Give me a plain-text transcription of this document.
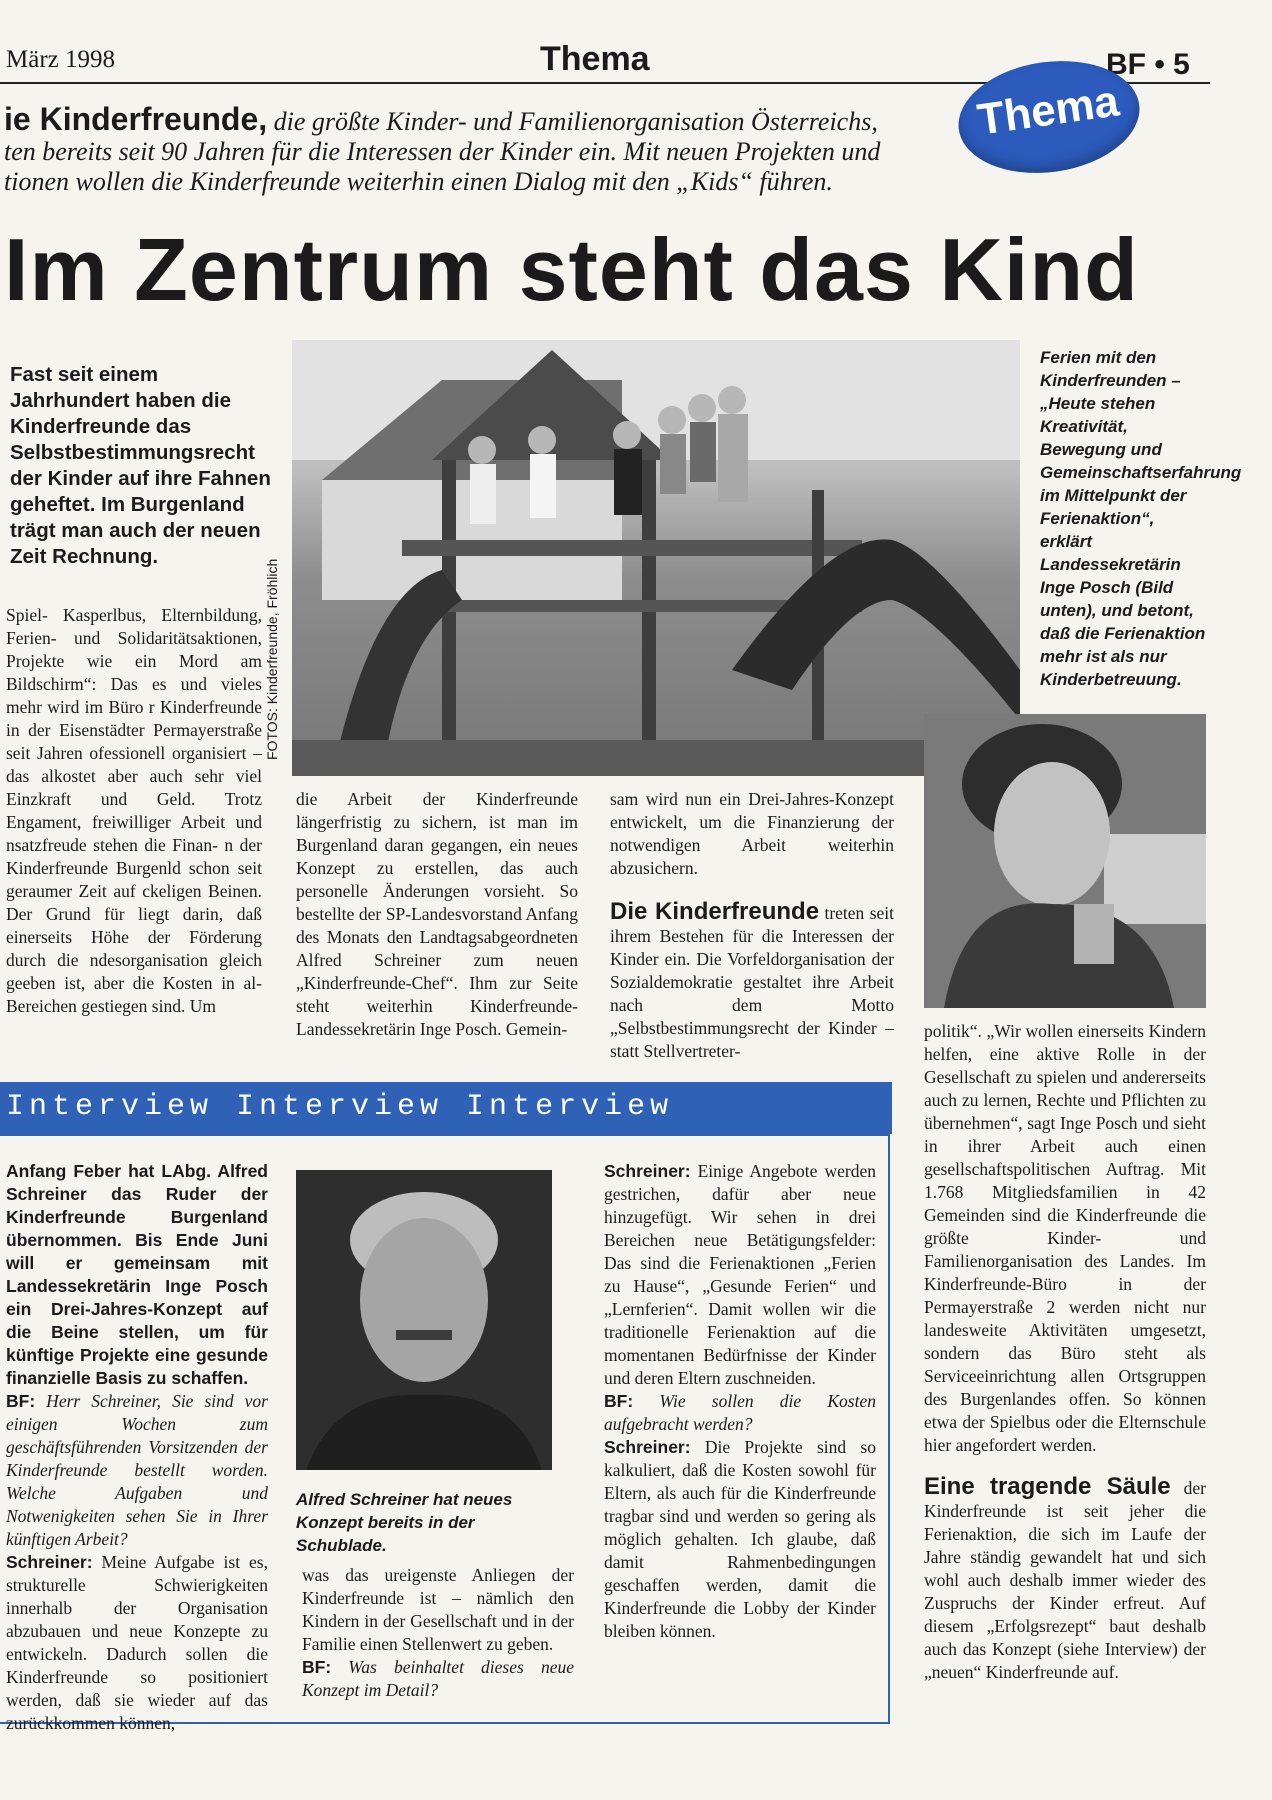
März 1998	Thema	BF • 5
Thema
ie Kinderfreunde, die größte Kinder- und Familienorganisation Österreichs,
ten bereits seit 90 Jahren für die Interessen der Kinder ein. Mit neuen Projekten und
tionen wollen die Kinderfreunde weiterhin einen Dialog mit den „Kids“ führen.
Im Zentrum steht das Kind
Fast seit einem Jahrhundert haben die Kinderfreunde das Selbstbestimmungsrecht der Kinder auf ihre Fahnen geheftet. Im Burgenland trägt man auch der neuen Zeit Rechnung.

Spiel- Kasperlbus, Elternbildung, Ferien- und Solidaritätsaktionen, Projekte wie ein Mord am Bildschirm“: Das es und vieles mehr wird im Büro r Kinderfreunde in der Eisenstädter Permayerstraße seit Jahren ofessionell organisiert – das alkostet aber auch sehr viel Einzkraft und Geld. Trotz Engament, freiwilliger Arbeit und nsatzfreude stehen die Finan- n der Kinderfreunde Burgenld schon seit geraumer Zeit auf ckeligen Beinen. Der Grund für liegt darin, daß einerseits Höhe der Förderung durch die ndesorganisation gleich geeben ist, aber die Kosten in al- Bereichen gestiegen sind. Um

FOTOS: Kinderfreunde, Fröhlich
Ferien mit den Kinderfreunden – „Heute stehen Kreativität, Bewegung und Gemeinschaftserfahrung im Mittelpunkt der Ferienaktion“, erklärt Landessekretärin Inge Posch (Bild unten), und betont, daß die Ferienaktion mehr ist als nur Kinderbetreuung.

die Arbeit der Kinderfreunde längerfristig zu sichern, ist man im Burgenland daran gegangen, ein neues Konzept zu erstellen, das auch personelle Änderungen vorsieht. So bestellte der SP-Landesvorstand Anfang des Monats den Landtagsabgeordneten Alfred Schreiner zum neuen „Kinderfreunde-Chef“. Ihm zur Seite steht weiterhin Kinderfreunde-Landessekretärin Inge Posch. Gemein-

sam wird nun ein Drei-Jahres-Konzept entwickelt, um die Finanzierung der notwendigen Arbeit weiterhin abzusichern.

Die Kinderfreunde treten seit ihrem Bestehen für die Interessen der Kinder ein. Die Vorfeldorganisation der Sozialdemokratie gestaltet ihre Arbeit nach dem Motto „Selbstbestimmungsrecht der Kinder – statt Stellvertreter-

politik“. „Wir wollen einerseits Kindern helfen, eine aktive Rolle in der Gesellschaft zu spielen und andererseits auch zu lernen, Rechte und Pflichten zu übernehmen“, sagt Inge Posch und sieht in ihrer Arbeit auch einen gesellschaftspolitischen Auftrag. Mit 1.768 Mitgliedsfamilien in 42 Gemeinden sind die Kinderfreunde die größte Kinder- und Familienorganisation des Landes. Im Kinderfreunde-Büro in der Permayerstraße 2 werden nicht nur landesweite Aktivitäten umgesetzt, sondern das Büro steht als Serviceeinrichtung allen Ortsgruppen des Burgenlandes offen. So können etwa der Spielbus oder die Elternschule hier angefordert werden.

Eine tragende Säule der Kinderfreunde ist seit jeher die Ferienaktion, die sich im Laufe der Jahre ständig gewandelt hat und sich wohl auch deshalb immer wieder des Zuspruchs der Kinder erfreut. Auf diesem „Erfolgsrezept“ baut deshalb auch das Konzept (siehe Interview) der „neuen“ Kinderfreunde auf.

Interview Interview Interview

Anfang Feber hat LAbg. Alfred Schreiner das Ruder der Kinderfreunde Burgenland übernommen. Bis Ende Juni will er gemeinsam mit Landessekretärin Inge Posch ein Drei-Jahres-Konzept auf die Beine stellen, um für künftige Projekte eine gesunde finanzielle Basis zu schaffen.

BF: Herr Schreiner, Sie sind vor einigen Wochen zum geschäftsführenden Vorsitzenden der Kinderfreunde bestellt worden. Welche Aufgaben und Notwenigkeiten sehen Sie in Ihrer künftigen Arbeit?

Schreiner: Meine Aufgabe ist es, strukturelle Schwierigkeiten innerhalb der Organisation abzubauen und neue Konzepte zu entwickeln. Dadurch sollen die Kinderfreunde so positioniert werden, daß sie wieder auf das zurückkommen können,

Alfred Schreiner hat neues Konzept bereits in der Schublade.

was das ureigenste Anliegen der Kinderfreunde ist – nämlich den Kindern in der Gesellschaft und in der Familie einen Stellenwert zu geben.

BF: Was beinhaltet dieses neue Konzept im Detail?

Schreiner: Einige Angebote werden gestrichen, dafür aber neue hinzugefügt. Wir sehen in drei Bereichen neue Betätigungsfelder: Das sind die Ferienaktionen „Ferien zu Hause“, „Gesunde Ferien“ und „Lernferien“. Damit wollen wir die traditionelle Ferienaktion auf die momentanen Bedürfnisse der Kinder und deren Eltern zuschneiden.

BF: Wie sollen die Kosten aufgebracht werden?

Schreiner: Die Projekte sind so kalkuliert, daß die Kosten sowohl für Eltern, als auch für die Kinderfreunde tragbar sind und werden so gering als möglich gehalten. Ich glaube, daß damit Rahmenbedingungen geschaffen werden, damit die Kinderfreunde die Lobby der Kinder bleiben können.
